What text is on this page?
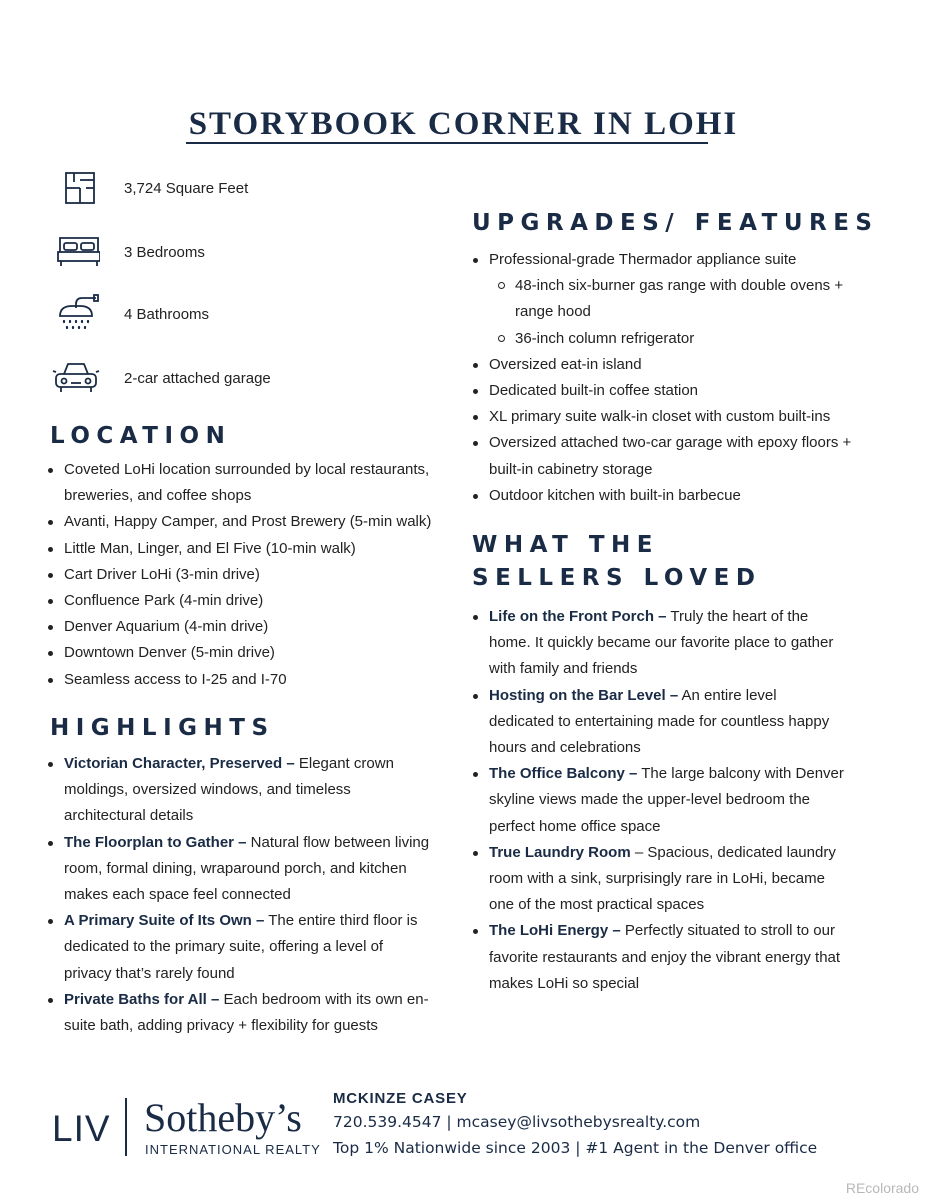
STORYBOOK CORNER IN LOHI
3,724 Square Feet
3 Bedrooms
4 Bathrooms
2-car attached garage
LOCATION
Coveted LoHi location surrounded by local restaurants, breweries, and coffee shops
Avanti, Happy Camper, and Prost Brewery (5-min walk)
Little Man, Linger, and El Five (10-min walk)
Cart Driver LoHi (3-min drive)
Confluence Park (4-min drive)
Denver Aquarium (4-min drive)
Downtown Denver (5-min drive)
Seamless access to I-25 and I-70
HIGHLIGHTS
Victorian Character, Preserved – Elegant crown moldings, oversized windows, and timeless architectural details
The Floorplan to Gather – Natural flow between living room, formal dining, wraparound porch, and kitchen makes each space feel connected
A Primary Suite of Its Own – The entire third floor is dedicated to the primary suite, offering a level of privacy that’s rarely found
Private Baths for All – Each bedroom with its own en-suite bath, adding privacy + flexibility for guests
UPGRADES/ FEATURES
Professional-grade Thermador appliance suite
48-inch six-burner gas range with double ovens + range hood
36-inch column refrigerator
Oversized eat-in island
Dedicated built-in coffee station
XL primary suite walk-in closet with custom built-ins
Oversized attached two-car garage with epoxy floors + built-in cabinetry storage
Outdoor kitchen with built-in barbecue
WHAT THE
SELLERS LOVED
Life on the Front Porch – Truly the heart of the home. It quickly became our favorite place to gather with family and friends
Hosting on the Bar Level – An entire level dedicated to entertaining made for countless happy hours and celebrations
The Office Balcony – The large balcony with Denver skyline views made the upper-level bedroom the perfect home office space
True Laundry Room – Spacious, dedicated laundry room with a sink, surprisingly rare in LoHi, became one of the most practical spaces
The LoHi Energy – Perfectly situated to stroll to our favorite restaurants and enjoy the vibrant energy that makes LoHi so special
LIV Sotheby’s
INTERNATIONAL REALTY
MCKINZE CASEY
720.539.4547 | mcasey@livsothebysrealty.com
Top 1% Nationwide since 2003 | #1 Agent in the Denver office
REcolorado
